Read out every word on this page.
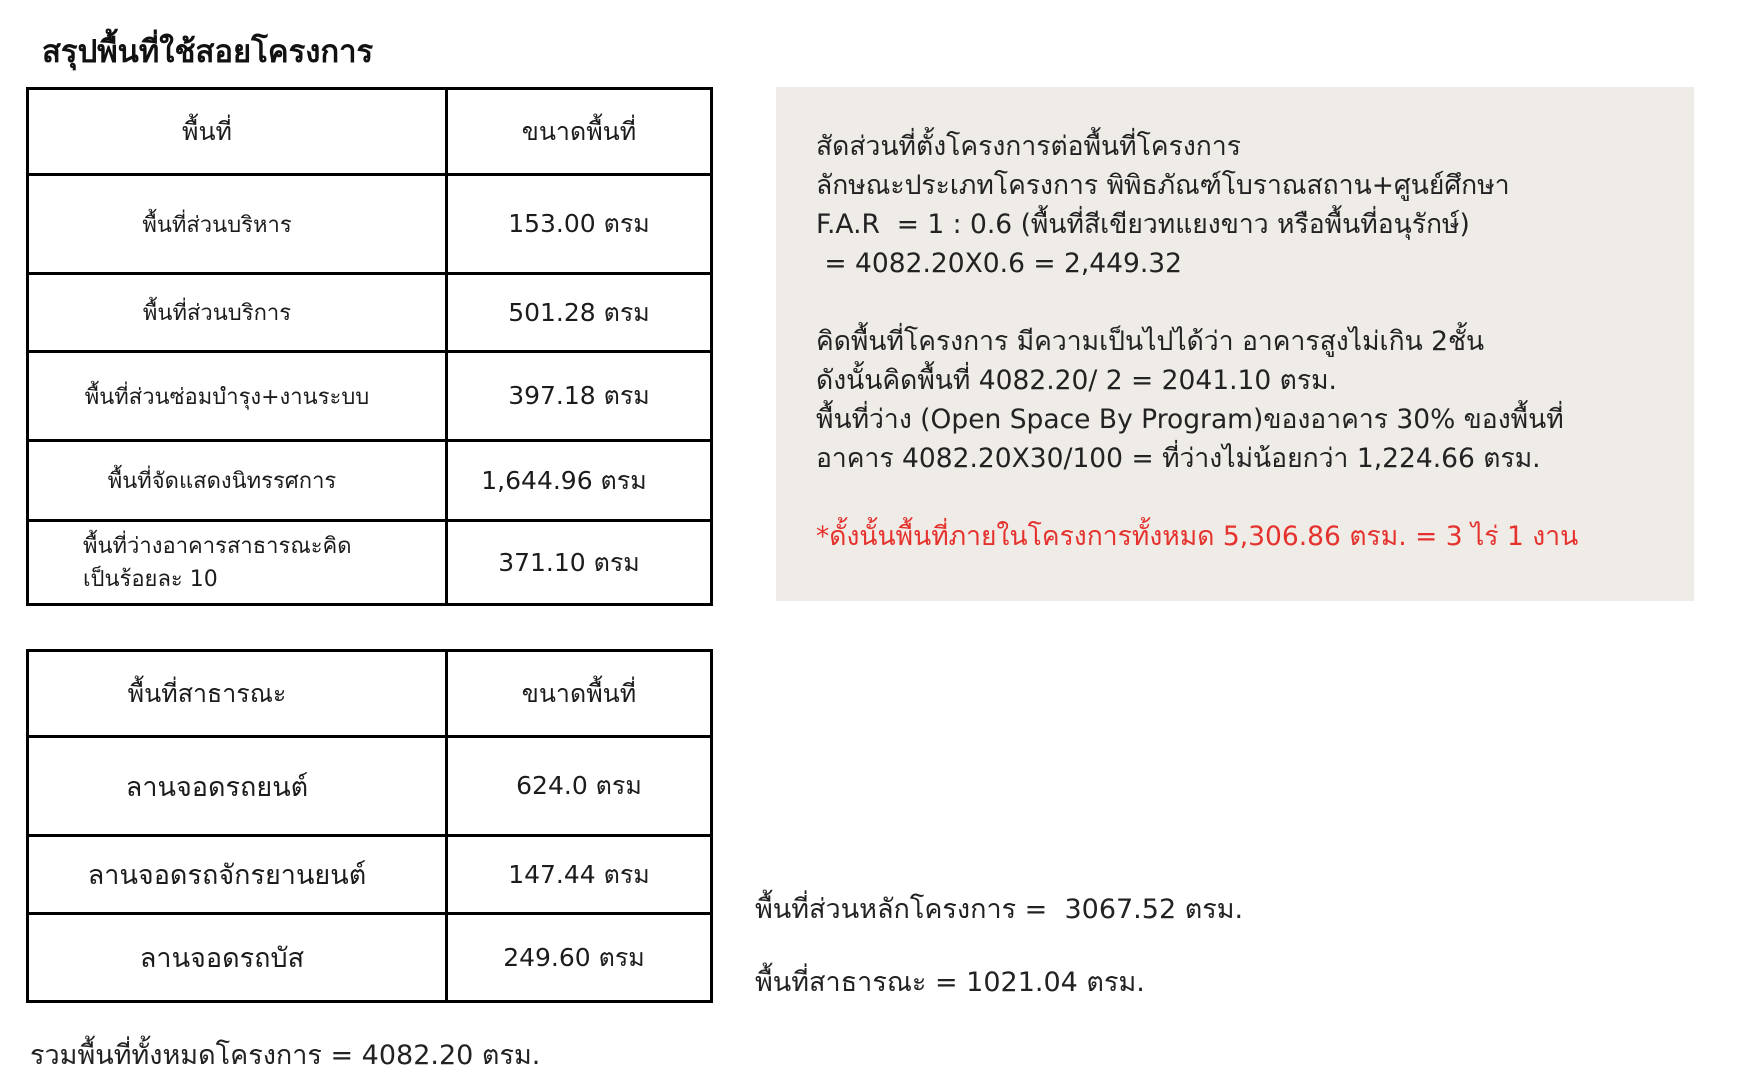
สรุปพื้นที่ใช้สอยโครงการ
พื้นที่	ขนาดพื้นที่

พื้นที่ส่วนบริหาร	153.00 ตรม

พื้นที่ส่วนบริการ	501.28 ตรม

พื้นที่ส่วนซ่อมบำรุง+งานระบบ	397.18 ตรม

พื้นที่จัดแสดงนิทรรศการ	1,644.96 ตรม

พื้นที่ว่างอาคารสาธารณะคิด
เป็นร้อยละ 10	371.10 ตรม
สัดส่วนที่ตั้งโครงการต่อพื้นที่โครงการ
ลักษณะประเภทโครงการ พิพิธภัณฑ์โบราณสถาน+ศูนย์ศึกษา
F.A.R  = 1 : 0.6 (พื้นที่สีเขียวทแยงขาว หรือพื้นที่อนุรักษ์)
= 4082.20X0.6 = 2,449.32
คิดพื้นที่โครงการ มีความเป็นไปได้ว่า อาคารสูงไม่เกิน 2ชั้น
ดังนั้นคิดพื้นที่ 4082.20/ 2 = 2041.10 ตรม.
พื้นที่ว่าง (Open Space By Program)ของอาคาร 30% ของพื้นที่
อาคาร 4082.20X30/100 = ที่ว่างไม่น้อยกว่า 1,224.66 ตรม.
*ดั้งนั้นพื้นที่ภายในโครงการทั้งหมด 5,306.86 ตรม. = 3 ไร่ 1 งาน
พื้นที่สาธารณะ	ขนาดพื้นที่

ลานจอดรถยนต์	624.0 ตรม

ลานจอดรถจักรยานยนต์	147.44 ตรม

ลานจอดรถบัส	249.60 ตรม
พื้นที่ส่วนหลักโครงการ =  3067.52 ตรม.
พื้นที่สาธารณะ = 1021.04 ตรม.
รวมพื้นที่ทั้งหมดโครงการ = 4082.20 ตรม.
